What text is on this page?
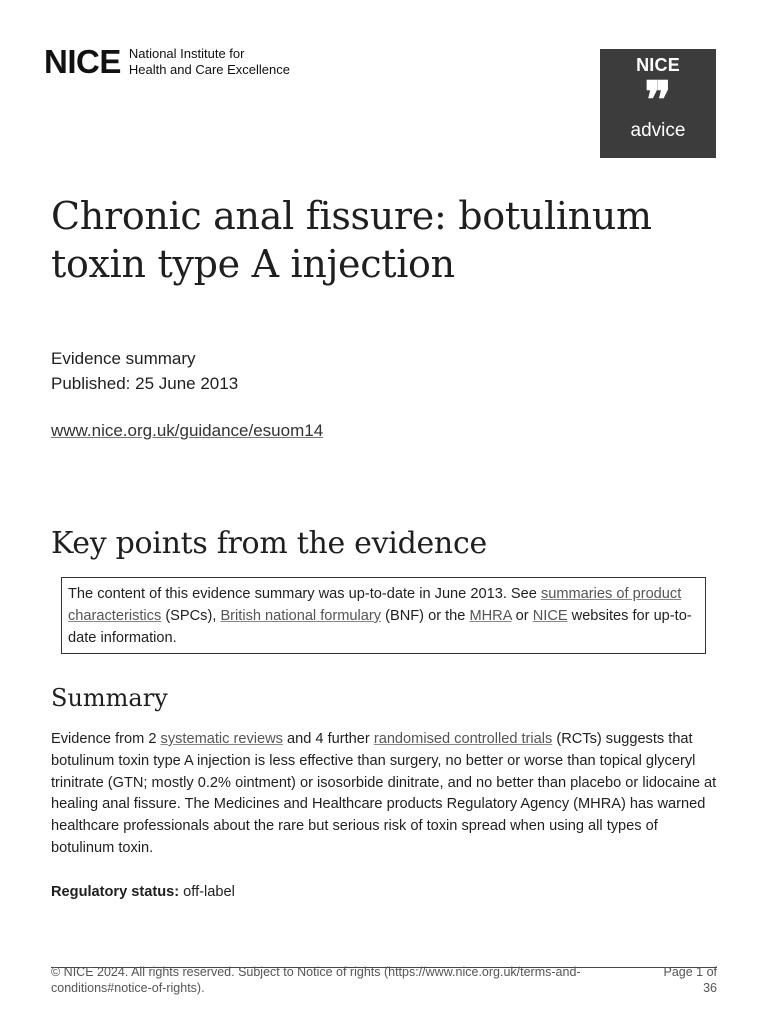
NICE National Institute for
Health and Care Excellence	NICE
❞
advice
Chronic anal fissure: botulinum toxin type A injection
Evidence summary
Published: 25 June 2013
www.nice.org.uk/guidance/esuom14
Key points from the evidence
The content of this evidence summary was up-to-date in June 2013. See summaries of product characteristics (SPCs), British national formulary (BNF) or the MHRA or NICE websites for up-to-date information.
Summary

Evidence from 2 systematic reviews and 4 further randomised controlled trials (RCTs) suggests that botulinum toxin type A injection is less effective than surgery, no better or worse than topical glyceryl trinitrate (GTN; mostly 0.2% ointment) or isosorbide dinitrate, and no better than placebo or lidocaine at healing anal fissure. The Medicines and Healthcare products Regulatory Agency (MHRA) has warned healthcare professionals about the rare but serious risk of toxin spread when using all types of botulinum toxin.

Regulatory status: off-label

© NICE 2024. All rights reserved. Subject to Notice of rights (https://www.nice.org.uk/terms-and-conditions#notice-of-rights).
Page 1 of 36
